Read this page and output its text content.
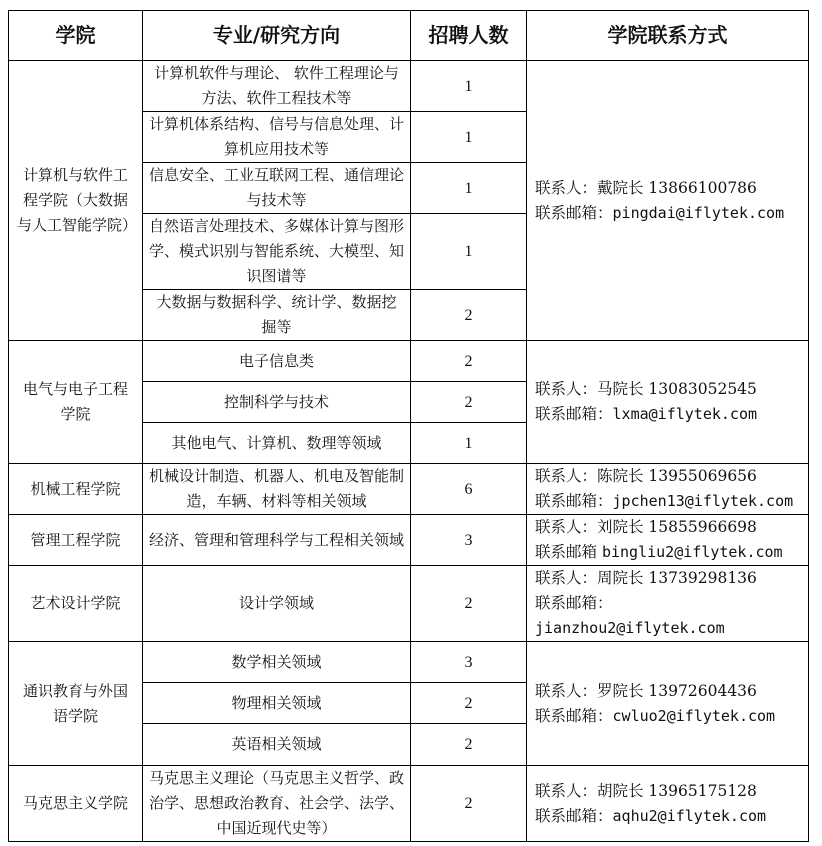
学院	专业/研究方向	招聘人数	学院联系方式
计算机与软件工程学院（大数据与人工智能学院）	计算机软件与理论、 软件工程理论与方法、软件工程技术等	1	联系人：戴院长 13866100786
联系邮箱：pingdai@iflytek.com

	计算机体系结构、信号与信息处理、计算机应用技术等	1	
	信息安全、工业互联网工程、通信理论与技术等	1	
	自然语言处理技术、多媒体计算与图形学、模式识别与智能系统、大模型、知识图谱等	1	
	大数据与数据科学、统计学、数据挖掘等	2	
电气与电子工程学院	电子信息类	2	联系人：马院长 13083052545
联系邮箱：lxma@iflytek.com

	控制科学与技术	2	
	其他电气、计算机、数理等领域	1	
机械工程学院	机械设计制造、机器人、机电及智能制造，车辆、材料等相关领域	6	联系人：陈院长 13955069656
联系邮箱：jpchen13@iflytek.com

管理工程学院	经济、管理和管理科学与工程相关领域	3	联系人：刘院长 15855966698
联系邮箱 bingliu2@iflytek.com

艺术设计学院	设计学领域	2	联系人：周院长 13739298136
联系邮箱：
jianzhou2@iflytek.com

通识教育与外国语学院	数学相关领域	3	联系人：罗院长 13972604436
联系邮箱：cwluo2@iflytek.com

	物理相关领域	2	
	英语相关领域	2	
马克思主义学院	马克思主义理论（马克思主义哲学、政治学、思想政治教育、社会学、法学、中国近现代史等）	2	联系人：胡院长 13965175128
联系邮箱：aqhu2@iflytek.com
